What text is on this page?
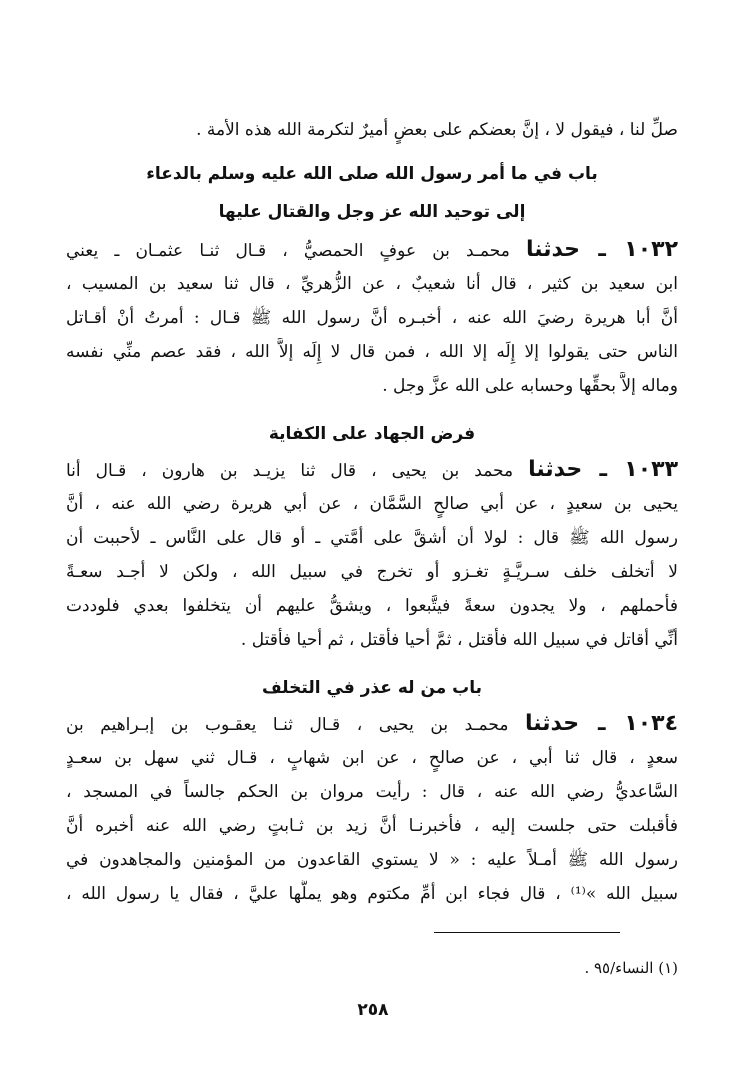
صلِّ لنا ، فيقول لا ، إنَّ بعضكم على بعضٍ أميرٌ لتكرمة الله هذه الأمة .
باب في ما أمر رسول الله صلى الله عليه وسلم بالدعاء
إلى توحيد الله عز وجل والقتال عليها
١٠٣٢ ـ حدثنا محمـد بن عوفٍ الحمصيُّ ، قـال ثنـا عثمـان ـ يعني
ابن سعيد بن كثير ، قال أنا شعيبٌ ، عن الزُّهريِّ ، قال ثنا سعيد بن المسيب ،
أنَّ أبا هريرة رضيَ الله عنه ، أخبـره أنَّ رسول الله ﷺ قـال : أمرتُ أنْ أقـاتل
الناس حتى يقولوا إلا إِلَه إلا الله ، فمن قال لا إِلَه إلاَّ الله ، فقد عصم منِّي نفسه
وماله إلاَّ بحقِّها وحسابه على الله عزَّ وجل .
فرض الجهاد على الكفاية
١٠٣٣ ـ حدثنا محمد بن يحيى ، قال ثنا يزيـد بن هارون ، قـال أنا
يحيى بن سعيدٍ ، عن أبي صالحٍ السَّمَّان ، عن أبي هريرة رضي الله عنه ، أنَّ
رسول الله ﷺ قال : لولا أن أشقَّ على أمَّتي ـ أو قال على النَّاس ـ لأحببت أن
لا أتخلف خلف سـريَّـةٍ تغـزو أو تخرج في سبيل الله ، ولكن لا أجـد سعـةً
فأحملهم ، ولا يجدون سعةً فيتَّبعوا ، ويشقُّ عليهم أن يتخلفوا بعدي فلوددت
أنِّي أقاتل في سبيل الله فأقتل ، ثمَّ أحيا فأقتل ، ثم أحيا فأقتل .
باب من له عذر في التخلف
١٠٣٤ ـ حدثنا محمـد بن يحيى ، قـال ثنـا يعقـوب بن إبـراهيم بن
سعدٍ ، قال ثنا أبي ، عن صالحٍ ، عن ابن شهابٍ ، قـال ثني سهل بن سعـدٍ
السَّاعديُّ رضي الله عنه ، قال : رأيت مروان بن الحكم جالساً في المسجد ،
فأقبلت حتى جلست إليه ، فأخبرنـا أنَّ زيد بن ثـابتٍ رضي الله عنه أخبره أنَّ
رسول الله ﷺ أمـلاً عليه : « لا يستوي القاعدون من المؤمنين والمجاهدون في
سبيل الله »⁽¹⁾ ، قال فجاء ابن أمِّ مكتوم وهو يملُّها عليَّ ، فقال يا رسول الله ،
(١) النساء/٩٥ .
٢٥٨
